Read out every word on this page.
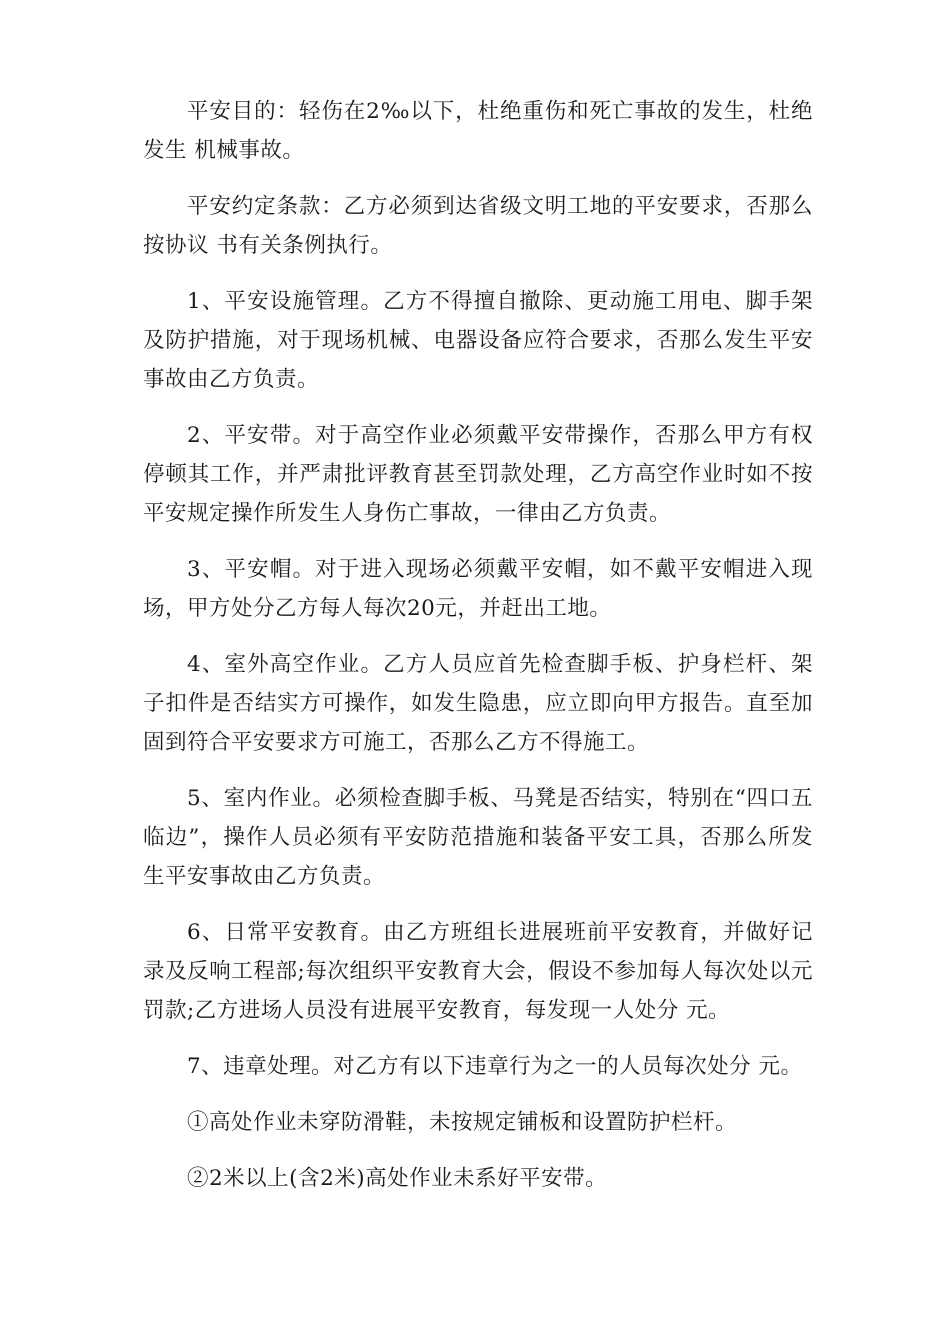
平安目的：轻伤在2‰以下，杜绝重伤和死亡事故的发生，杜绝发生 机械事故。

平安约定条款：乙方必须到达省级文明工地的平安要求，否那么按协议 书有关条例执行。

1、平安设施管理。乙方不得擅自撤除、更动施工用电、脚手架及防护措施，对于现场机械、电器设备应符合要求，否那么发生平安事故由乙方负责。

2、平安带。对于高空作业必须戴平安带操作，否那么甲方有权停顿其工作，并严肃批评教育甚至罚款处理，乙方高空作业时如不按平安规定操作所发生人身伤亡事故，一律由乙方负责。

3、平安帽。对于进入现场必须戴平安帽，如不戴平安帽进入现场，甲方处分乙方每人每次20元，并赶出工地。

4、室外高空作业。乙方人员应首先检查脚手板、护身栏杆、架子扣件是否结实方可操作，如发生隐患，应立即向甲方报告。直至加固到符合平安要求方可施工，否那么乙方不得施工。

5、室内作业。必须检查脚手板、马凳是否结实，特别在“四口五临边”，操作人员必须有平安防范措施和装备平安工具，否那么所发生平安事故由乙方负责。

6、日常平安教育。由乙方班组长进展班前平安教育，并做好记录及反响工程部;每次组织平安教育大会，假设不参加每人每次处以元罚款;乙方进场人员没有进展平安教育，每发现一人处分 元。

7、违章处理。对乙方有以下违章行为之一的人员每次处分 元。

①高处作业未穿防滑鞋，未按规定铺板和设置防护栏杆。

②2米以上(含2米)高处作业未系好平安带。
